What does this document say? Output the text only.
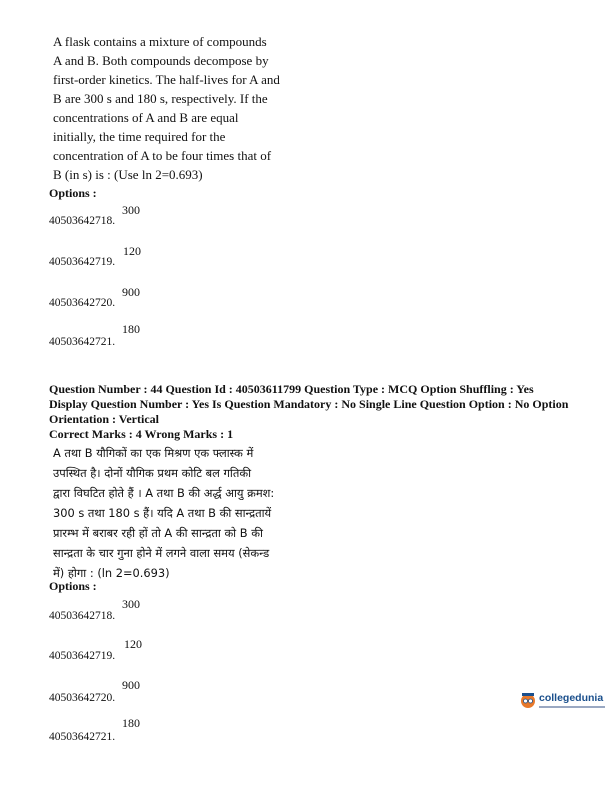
A flask contains a mixture of compounds
A and B. Both compounds decompose by
first-order kinetics. The half-lives for A and
B are 300 s and 180 s, respectively. If the
concentrations of A and B are equal
initially, the time required for the
concentration of A to be four times that of
B (in s) is : (Use ln 2=0.693)
Options :
40503642718.
300
40503642719.
120
40503642720.
900
40503642721.
180
Question Number : 44 Question Id : 40503611799 Question Type : MCQ Option Shuffling : Yes
Display Question Number : Yes Is Question Mandatory : No Single Line Question Option : No Option
Orientation : Vertical
Correct Marks : 4 Wrong Marks : 1
A तथा B यौगिकों का एक मिश्रण एक फ्लास्क में
उपस्थित है। दोनों यौगिक प्रथम कोटि बल गतिकी
द्वारा विघटित होते हैं । A तथा B की अर्द्ध आयु क्रमश:
300 s तथा 180 s हैं। यदि A तथा B की सान्द्रतायें
प्रारम्भ में बराबर रही हों तो A की सान्द्रता को B की
सान्द्रता के चार गुना होने में लगने वाला समय (सेकन्ड
में) होगा : (ln 2=0.693)
Options :
40503642718.
300
40503642719.
120
40503642720.
900
40503642721.
180
collegedunia
